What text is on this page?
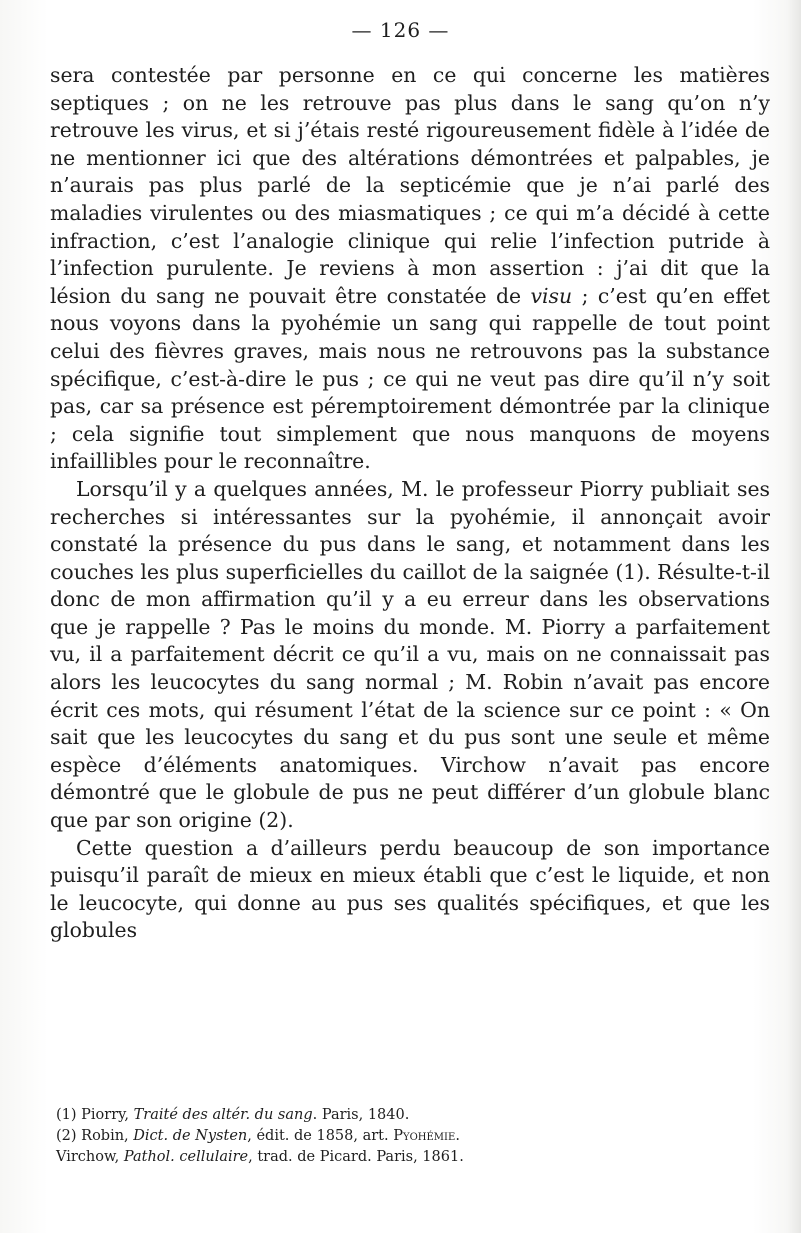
— 126 —

sera contestée par personne en ce qui concerne les matières septiques ; on ne les retrouve pas plus dans le sang qu’on n’y retrouve les virus, et si j’étais resté rigoureusement fidèle à l’idée de ne mentionner ici que des altérations démontrées et palpables, je n’aurais pas plus parlé de la septicémie que je n’ai parlé des maladies virulentes ou des miasmatiques ; ce qui m’a décidé à cette infraction, c’est l’analogie clinique qui relie l’infection putride à l’infection purulente. Je reviens à mon assertion : j’ai dit que la lésion du sang ne pouvait être constatée de visu ; c’est qu’en effet nous voyons dans la pyohémie un sang qui rappelle de tout point celui des fièvres graves, mais nous ne retrouvons pas la substance spécifique, c’est-à-dire le pus ; ce qui ne veut pas dire qu’il n’y soit pas, car sa présence est péremptoirement démontrée par la clinique ; cela signifie tout simplement que nous manquons de moyens infaillibles pour le reconnaître.

Lorsqu’il y a quelques années, M. le professeur Piorry publiait ses recherches si intéressantes sur la pyohémie, il annonçait avoir constaté la présence du pus dans le sang, et notamment dans les couches les plus superficielles du caillot de la saignée (1). Résulte-t-il donc de mon affirmation qu’il y a eu erreur dans les observations que je rappelle ? Pas le moins du monde. M. Piorry a parfaitement vu, il a parfaitement décrit ce qu’il a vu, mais on ne connaissait pas alors les leucocytes du sang normal ; M. Robin n’avait pas encore écrit ces mots, qui résument l’état de la science sur ce point : « On sait que les leucocytes du sang et du pus sont une seule et même espèce d’éléments anatomiques. Virchow n’avait pas encore démontré que le globule de pus ne peut différer d’un globule blanc que par son origine (2).

Cette question a d’ailleurs perdu beaucoup de son importance puisqu’il paraît de mieux en mieux établi que c’est le liquide, et non le leucocyte, qui donne au pus ses qualités spécifiques, et que les globules

(1) Piorry, Traité des altér. du sang. Paris, 1840.
(2) Robin, Dict. de Nysten, édit. de 1858, art. Pyohémie.
Virchow, Pathol. cellulaire, trad. de Picard. Paris, 1861.
